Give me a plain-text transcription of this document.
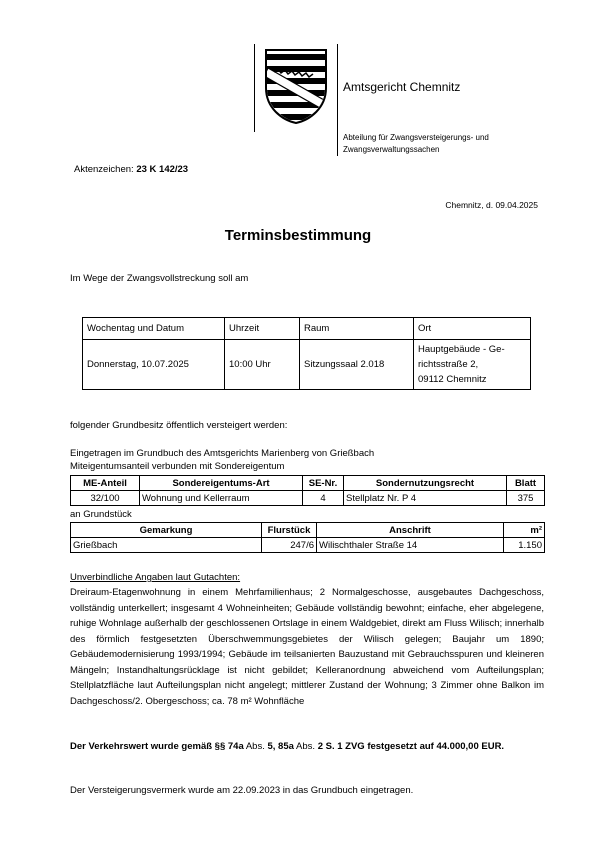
Amtsgericht Chemnitz
Abteilung für Zwangsversteigerungs- und
Zwangsverwaltungssachen
Aktenzeichen: 23 K 142/23
Chemnitz, d. 09.04.2025
Terminsbestimmung
Im Wege der Zwangsvollstreckung soll am
Wochentag und Datum	Uhrzeit	Raum	Ort
Donnerstag, 10.07.2025	10:00 Uhr	Sitzungssaal 2.018	Hauptgebäude - Ge-
richtsstraße 2,
09112 Chemnitz
folgender Grundbesitz öffentlich versteigert werden:
Eingetragen im Grundbuch des Amtsgerichts Marienberg von Grießbach
Miteigentumsanteil verbunden mit Sondereigentum
ME-Anteil	Sondereigentums-Art	SE-Nr.	Sondernutzungsrecht	Blatt
32/100	Wohnung und Kellerraum	4	Stellplatz Nr. P 4	375
an Grundstück
Gemarkung	Flurstück	Anschrift	m²
Grießbach	247/6	Wilischthaler Straße 14	1.150
Unverbindliche Angaben laut Gutachten:
Dreiraum-Etagenwohnung in einem Mehrfamilienhaus; 2 Normalgeschosse, ausgebautes Dachgeschoss, vollständig unterkellert; insgesamt 4 Wohneinheiten; Gebäude vollständig bewohnt; einfache, eher abgelegene, ruhige Wohnlage außerhalb der geschlossenen Ortslage in einem Waldgebiet, direkt am Fluss Wilisch; innerhalb des förmlich festgesetzten Überschwemmungsgebietes der Wilisch gelegen; Baujahr um 1890; Gebäudemodernisierung 1993/1994; Gebäude im teilsanierten Bauzustand mit Gebrauchsspuren und kleineren Mängeln; Instandhaltungsrücklage ist nicht gebildet; Kelleranordnung abweichend vom Aufteilungsplan; Stellplatzfläche laut Aufteilungsplan nicht angelegt; mittlerer Zustand der Wohnung; 3 Zimmer ohne Balkon im Dachgeschoss/2. Obergeschoss; ca. 78 m² Wohnfläche
Der Verkehrswert wurde gemäß §§ 74a Abs. 5, 85a Abs. 2 S. 1 ZVG festgesetzt auf 44.000,00 EUR.
Der Versteigerungsvermerk wurde am 22.09.2023 in das Grundbuch eingetragen.
